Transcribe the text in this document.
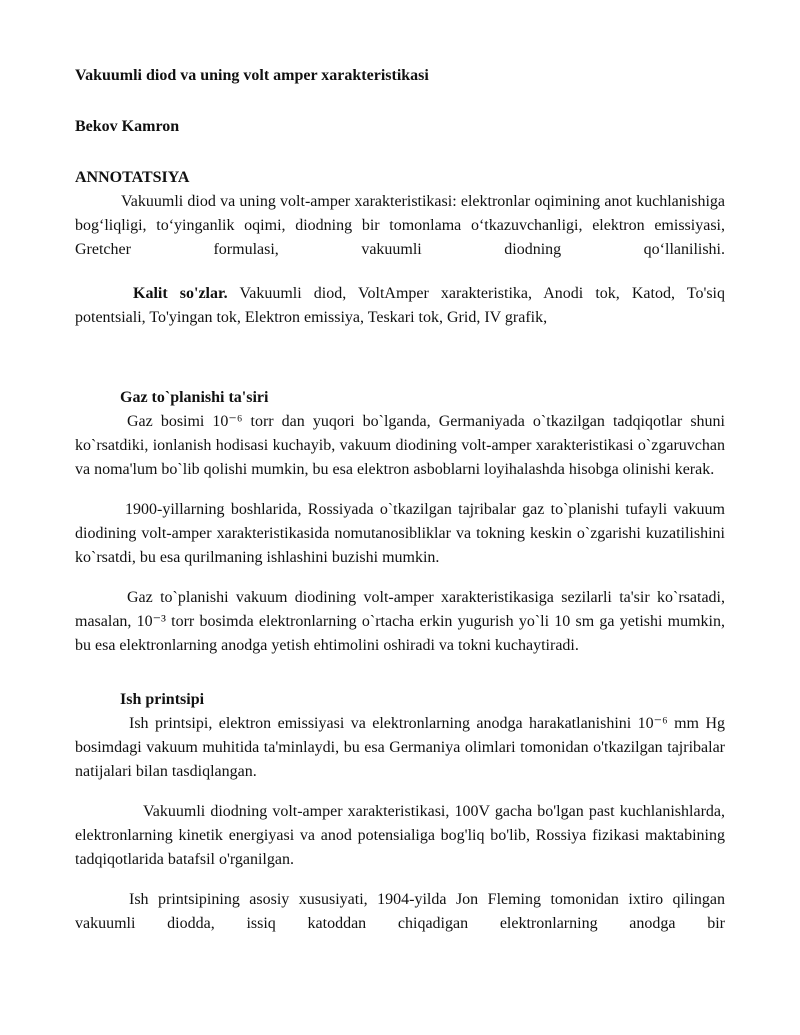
Vakuumli diod va uning volt amper xarakteristikasi

Bekov Kamron

ANNOTATSIYA

Vakuumli diod va uning volt-amper xarakteristikasi: elektronlar oqimining anot kuchlanishiga bog‘liqligi, to‘yinganlik oqimi, diodning bir tomonlama o‘tkazuvchanligi, elektron emissiyasi, Gretcher formulasi, vakuumli diodning qo‘llanilishi.

Kalit so'zlar. Vakuumli diod, VoltAmper xarakteristika, Anodi tok, Katod, To'siq potentsiali, To'yingan tok, Elektron emissiya, Teskari tok, Grid, IV grafik,

Gaz to`planishi ta'siri

Gaz bosimi 10⁻⁶ torr dan yuqori bo`lganda, Germaniyada o`tkazilgan tadqiqotlar shuni ko`rsatdiki, ionlanish hodisasi kuchayib, vakuum diodining volt-amper xarakteristikasi o`zgaruvchan va noma'lum bo`lib qolishi mumkin, bu esa elektron asboblarni loyihalashda hisobga olinishi kerak.

1900-yillarning boshlarida, Rossiyada o`tkazilgan tajribalar gaz to`planishi tufayli vakuum diodining volt-amper xarakteristikasida nomutanosibliklar va tokning keskin o`zgarishi kuzatilishini ko`rsatdi, bu esa qurilmaning ishlashini buzishi mumkin.

Gaz to`planishi vakuum diodining volt-amper xarakteristikasiga sezilarli ta'sir ko`rsatadi, masalan, 10⁻³ torr bosimda elektronlarning o`rtacha erkin yugurish yo`li 10 sm ga yetishi mumkin, bu esa elektronlarning anodga yetish ehtimolini oshiradi va tokni kuchaytiradi.

Ish printsipi

Ish printsipi, elektron emissiyasi va elektronlarning anodga harakatlanishini 10⁻⁶ mm Hg bosimdagi vakuum muhitida ta'minlaydi, bu esa Germaniya olimlari tomonidan o'tkazilgan tajribalar natijalari bilan tasdiqlangan.

Vakuumli diodning volt-amper xarakteristikasi, 100V gacha bo'lgan past kuchlanishlarda, elektronlarning kinetik energiyasi va anod potensialiga bog'liq bo'lib, Rossiya fizikasi maktabining tadqiqotlarida batafsil o'rganilgan.

Ish printsipining asosiy xususiyati, 1904-yilda Jon Fleming tomonidan ixtiro qilingan vakuumli diodda, issiq katoddan chiqadigan elektronlarning anodga bir
